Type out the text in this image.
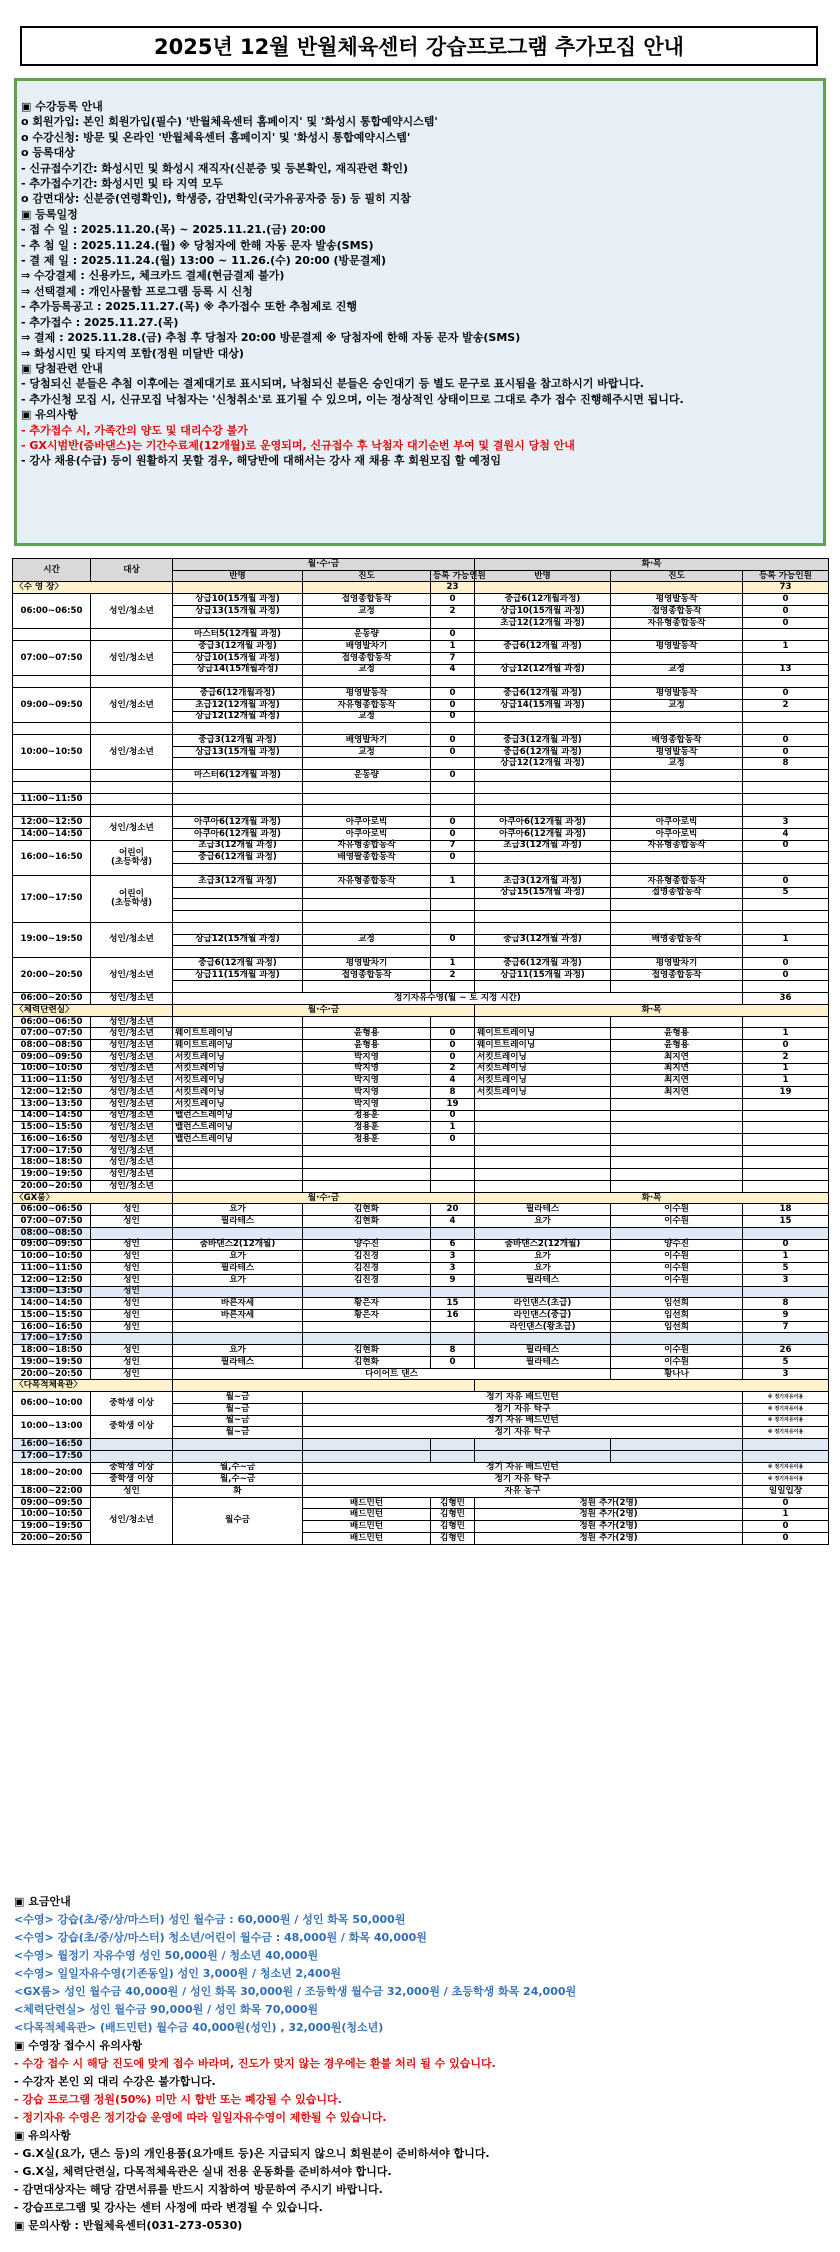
2025년 12월 반월체육센터 강습프로그램 추가모집 안내
▣ 수강등록 안내
o 회원가입: 본인 회원가입(필수) '반월체육센터 홈페이지' 및 '화성시 통합예약시스템'
o 수강신청: 방문 및 온라인 '반월체육센터 홈페이지' 및 '화성시 통합예약시스템'
o 등록대상
- 신규접수기간: 화성시민 및 화성시 재직자(신분증 및 등본확인, 재직관련 확인)
- 추가접수기간: 화성시민 및 타 지역 모두
o 감면대상: 신분증(연령확인), 학생증, 감면확인(국가유공자증 등) 등 필히 지참
▣ 등록일정
- 접 수 일 : 2025.11.20.(목) ~ 2025.11.21.(금) 20:00
- 추 첨 일 : 2025.11.24.(월) ※ 당첨자에 한해 자동 문자 발송(SMS)
- 결 제 일 : 2025.11.24.(월) 13:00 ~ 11.26.(수) 20:00 (방문결제)
⇒ 수강결제 : 신용카드, 체크카드 결제(현금결제 불가)
⇒ 선택결제 : 개인사물함 프로그램 등록 시 신청
- 추가등록공고 : 2025.11.27.(목) ※ 추가접수 또한 추첨제로 진행
- 추가접수 : 2025.11.27.(목)
⇒ 결제 : 2025.11.28.(금) 추첨 후 당첨자 20:00 방문결제 ※ 당첨자에 한해 자동 문자 발송(SMS)
⇒ 화성시민 및 타지역 포함(정원 미달반 대상)
▣ 당첨관련 안내
- 당첨되신 분들은 추첨 이후에는 결제대기로 표시되며, 낙첨되신 분들은 승인대기 등 별도 문구로 표시됨을 참고하시기 바랍니다.
- 추가신청 모집 시, 신규모집 낙첨자는 '신청취소'로 표기될 수 있으며, 이는 정상적인 상태이므로 그대로 추가 접수 진행해주시면 됩니다.
▣ 유의사항
- 추가접수 시, 가족간의 양도 및 대리수강 불가
- GX시범반(줌바댄스)는 기간수료제(12개월)로 운영되며, 신규접수 후 낙첨자 대기순번 부여 및 결원시 당첨 안내
- 강사 채용(수급) 등이 원활하지 못할 경우, 해당반에 대해서는 강사 재 채용 후 회원모집 할 예정임
시간	대상	월·수·금			화·목			
		반명	진도	등록 가능인원	반명	진도	등록 가능인원	
〈수 영 장〉				23			73	
06:00~06:50	성인/청소년	상급10(15개월 과정)	접영종합동작	0	중급6(12개월과정)	평영발동작	0	
		상급13(15개월 과정)	교정	2	상급10(15개월 과정)	접영종합동작	0	
					초급12(12개월 과정)	자유형종합동작	0	
		마스터5(12개월 과정)	운동량	0				
07:00~07:50	성인/청소년	중급3(12개월 과정)	배영발차기	1	중급6(12개월 과정)	평영발동작	1	
		상급10(15개월 과정)	접영종합동작	7				
		상급14(15개월과정)	교정	4	상급12(12개월 과정)	교정	13	

09:00~09:50	성인/청소년	중급6(12개월과정)	평영발동작	0	중급6(12개월 과정)	평영발동작	0	
		초급12(12개월 과정)	자유형종합동작	0	상급14(15개월 과정)	교정	2	
		상급12(12개월 과정)	교정	0				

10:00~10:50	성인/청소년	중급3(12개월 과정)	배영발차기	0	중급3(12개월 과정)	배영종합동작	0	
		상급13(15개월 과정)	교정	0	중급6(12개월 과정)	평영발동작	0	
					상급12(12개월 과정)	교정	8	
		마스터6(12개월 과정)	운동량	0				

11:00~11:50								

12:00~12:50	성인/청소년	아쿠아6(12개월 과정)	아쿠아로빅	0	아쿠아6(12개월 과정)	아쿠아로빅	3	
14:00~14:50		아쿠아6(12개월 과정)	아쿠아로빅	0	아쿠아6(12개월 과정)	아쿠아로빅	4	
16:00~16:50	어린이
(초등학생)	초급3(12개월 과정)	자유형종합동작	7	초급3(12개월 과정)	자유형종합동작	0	
		중급6(12개월 과정)	배영팔종합동작	0				

17:00~17:50	어린이
(초등학생)	초급3(12개월 과정)	자유형종합동작	1	초급3(12개월 과정)	자유형종합동작	0	
					상급15(15개월 과정)	접영종합동작	5	

19:00~19:50	성인/청소년							
		상급12(15개월 과정)	교정	0	중급3(12개월 과정)	배영종합동작	1	

20:00~20:50	성인/청소년	중급6(12개월 과정)	평영발차기	1	중급6(12개월 과정)	평영발차기	0	
		상급11(15개월 과정)	접영종합동작	2	상급11(15개월 과정)	접영종합동작	0	

06:00~20:50	성인/청소년	정기자유수영(월 ~ 토 지정 시간)					36	
〈체력단련실〉		월·수·금			화·목			
06:00~06:50	성인/청소년							
07:00~07:50	성인/청소년	웨이트트레이닝	윤형용	0	웨이트트레이닝	윤형용	1	
08:00~08:50	성인/청소년	웨이트트레이닝	윤형용	0	웨이트트레이닝	윤형용	0	
09:00~09:50	성인/청소년	서킷트레이닝	박지영	0	서킷트레이닝	최지연	2	
10:00~10:50	성인/청소년	서킷트레이닝	박지영	2	서킷트레이닝	최지연	1	
11:00~11:50	성인/청소년	서킷트레이닝	박지영	4	서킷트레이닝	최지연	1	
12:00~12:50	성인/청소년	서킷트레이닝	박지영	8	서킷트레이닝	최지연	19	
13:00~13:50	성인/청소년	서킷트레이닝	박지영	19				
14:00~14:50	성인/청소년	밸런스트레이닝	정용훈	0				
15:00~15:50	성인/청소년	밸런스트레이닝	정용훈	1				
16:00~16:50	성인/청소년	밸런스트레이닝	정용훈	0				
17:00~17:50	성인/청소년							
18:00~18:50	성인/청소년							
19:00~19:50	성인/청소년							
20:00~20:50	성인/청소년							
〈GX룸〉		월·수·금			화·목			
06:00~06:50	성인	요가	김현화	20	필라테스	이수원	18	
07:00~07:50	성인	필라테스	김현화	4	요가	이수원	15	
08:00~08:50								
09:00~09:50	성인	줌바댄스2(12개월)	양수진	6	줌바댄스2(12개월)	양수진	0	
10:00~10:50	성인	요가	김진경	3	요가	이수원	1	
11:00~11:50	성인	필라테스	김진경	3	요가	이수원	5	
12:00~12:50	성인	요가	김진경	9	필라테스	이수원	3	
13:00~13:50	성인							
14:00~14:50	성인	바른자세	황은자	15	라인댄스(초급)	임선희	8	
15:00~15:50	성인	바른자세	황은자	16	라인댄스(중급)	임선희	9	
16:00~16:50	성인				라인댄스(왕초급)	임선희	7	
17:00~17:50								
18:00~18:50	성인	요가	김현화	8	필라테스	이수원	26	
19:00~19:50	성인	필라테스	김현화	0	필라테스	이수원	5	
20:00~20:50	성인	다이어트 댄스				황나나	3	
〈다목적체육관〉								
06:00~10:00	중학생 이상	월~금	정기 자유 배드민턴				※ 정기자유이용	
		월~금	정기 자유 탁구				※ 정기자유이용	
10:00~13:00	중학생 이상	월~금	정기 자유 배드민턴				※ 정기자유이용	
		월~금	정기 자유 탁구				※ 정기자유이용	
16:00~16:50								
17:00~17:50								
18:00~20:00	중학생 이상	월,수~금	정기 자유 배드민턴				※ 정기자유이용	
	중학생 이상	월,수~금	정기 자유 탁구				※ 정기자유이용	
18:00~22:00	성인	화	자유 농구				일일입장	
09:00~09:50	성인/청소년	월수금	배드민턴	김형민	정원 추가(2명)		0	
10:00~10:50			배드민턴	김형민	정원 추가(2명)		1	
19:00~19:50			배드민턴	김형민	정원 추가(2명)		0	
20:00~20:50			배드민턴	김형민	정원 추가(2명)		0	
▣ 요금안내
<수영> 강습(초/중/상/마스터) 성인 월수금 : 60,000원 / 성인 화목 50,000원
<수영> 강습(초/중/상/마스터) 청소년/어린이 월수금 : 48,000원 / 화목 40,000원
<수영> 월정기 자유수영 성인 50,000원 / 청소년 40,000원
<수영> 일일자유수영(기존동일) 성인 3,000원 / 청소년 2,400원
<GX룸> 성인 월수금 40,000원 / 성인 화목 30,000원 / 조등학생 월수금 32,000원 / 초등학생 화목 24,000원
<체력단련실> 성인 월수금 90,000원 / 성인 화목 70,000원
<다목적체육관> (배드민턴) 월수금 40,000원(성인) , 32,000원(청소년)
▣ 수영장 접수시 유의사항
- 수강 접수 시 해당 진도에 맞게 접수 바라며, 진도가 맞지 않는 경우에는 환불 처리 될 수 있습니다.
- 수강자 본인 외 대리 수강은 불가합니다.
- 강습 프로그램 정원(50%) 미만 시 합반 또는 폐강될 수 있습니다.
- 정기자유 수영은 정기강습 운영에 따라 일일자유수영이 제한될 수 있습니다.
▣ 유의사항
- G.X실(요가, 댄스 등)의 개인용품(요가매트 등)은 지급되지 않으니 회원분이 준비하셔야 합니다.
- G.X실, 체력단련실, 다목적체육관은 실내 전용 운동화를 준비하셔야 합니다.
- 감면대상자는 해당 감면서류를 반드시 지참하여 방문하여 주시기 바랍니다.
- 강습프로그램 및 강사는 센터 사정에 따라 변경될 수 있습니다.
▣ 문의사항 : 반월체육센터(031-273-0530)
